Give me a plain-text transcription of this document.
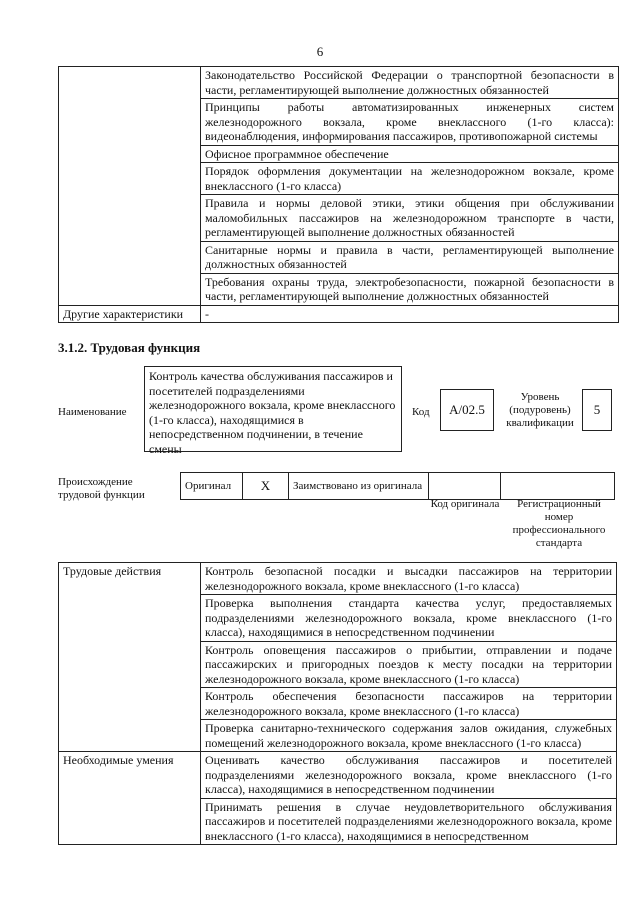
6
	Законодательство Российской Федерации о транспортной безопасности в части, регламентирующей выполнение должностных обязанностей
	Принципы работы автоматизированных инженерных систем железнодорожного вокзала, кроме внеклассного (1-го класса): видеонаблюдения, информирования пассажиров, противопожарной системы
	Офисное программное обеспечение
	Порядок оформления документации на железнодорожном вокзале, кроме внеклассного (1-го класса)
	Правила и нормы деловой этики, этики общения при обслуживании маломобильных пассажиров на железнодорожном транспорте в части, регламентирующей выполнение должностных обязанностей
	Санитарные нормы и правила в части, регламентирующей выполнение должностных обязанностей
	Требования охраны труда, электробезопасности, пожарной безопасности в части, регламентирующей выполнение должностных обязанностей
Другие характеристики	-
3.1.2. Трудовая функция
Наименование
Контроль качества обслуживания пассажиров и посетителей подразделениями железнодорожного вокзала, кроме внеклассного (1-го класса), находящимися в непосредственном подчинении, в течение смены
Код	A/02.5
Уровень (подуровень) квалификации
5
Происхождение трудовой функции
Оригинал	X	Заимствовано из оригинала		
Код оригинала	Регистрационный номер профессионального стандарта
Трудовые действия	Контроль безопасной посадки и высадки пассажиров на территории железнодорожного вокзала, кроме внеклассного (1-го класса)
	Проверка выполнения стандарта качества услуг, предоставляемых подразделениями железнодорожного вокзала, кроме внеклассного (1-го класса), находящимися в непосредственном подчинении
	Контроль оповещения пассажиров о прибытии, отправлении и подаче пассажирских и пригородных поездов к месту посадки на территории железнодорожного вокзала, кроме внеклассного (1-го класса)
	Контроль обеспечения безопасности пассажиров на территории железнодорожного вокзала, кроме внеклассного (1-го класса)
	Проверка санитарно-технического содержания залов ожидания, служебных помещений железнодорожного вокзала, кроме внеклассного (1-го класса)
Необходимые умения	Оценивать качество обслуживания пассажиров и посетителей подразделениями железнодорожного вокзала, кроме внеклассного (1-го класса), находящимися в непосредственном подчинении
	Принимать решения в случае неудовлетворительного обслуживания пассажиров и посетителей подразделениями железнодорожного вокзала, кроме внеклассного (1-го класса), находящимися в непосредственном
